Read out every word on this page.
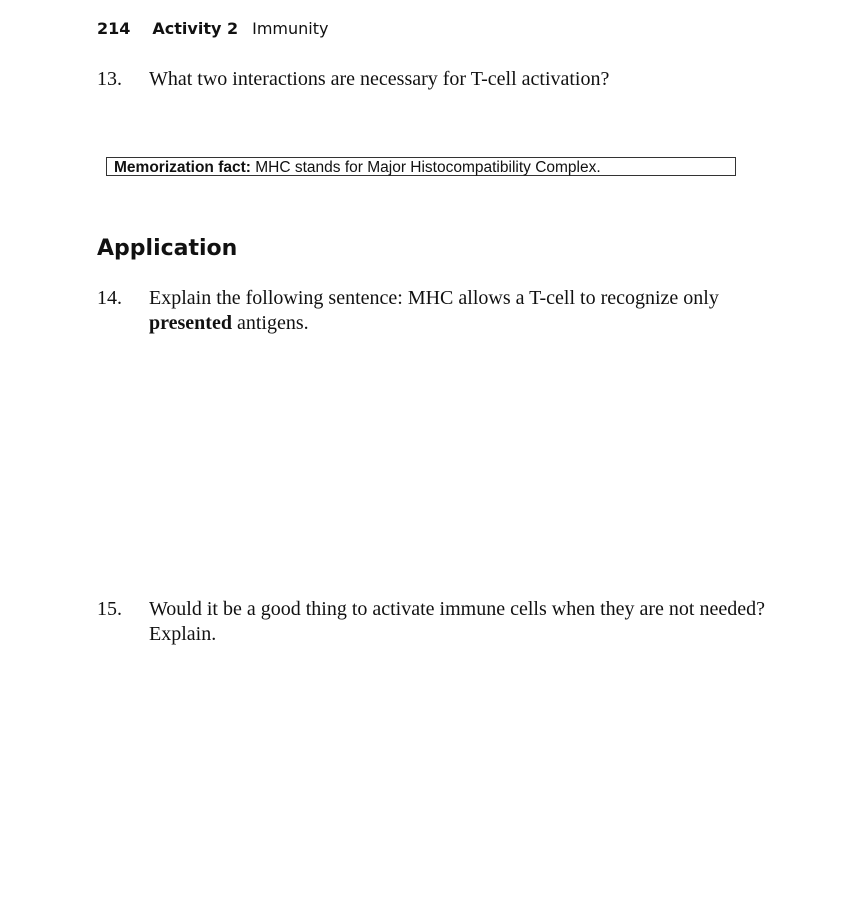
214 Activity 2 Immunity
13. What two interactions are necessary for T-cell activation?
Memorization fact: MHC stands for Major Histocompatibility Complex.
Application
14. Explain the following sentence: MHC allows a T-cell to recognize only presented antigens.
15. Would it be a good thing to activate immune cells when they are not needed? Explain.
